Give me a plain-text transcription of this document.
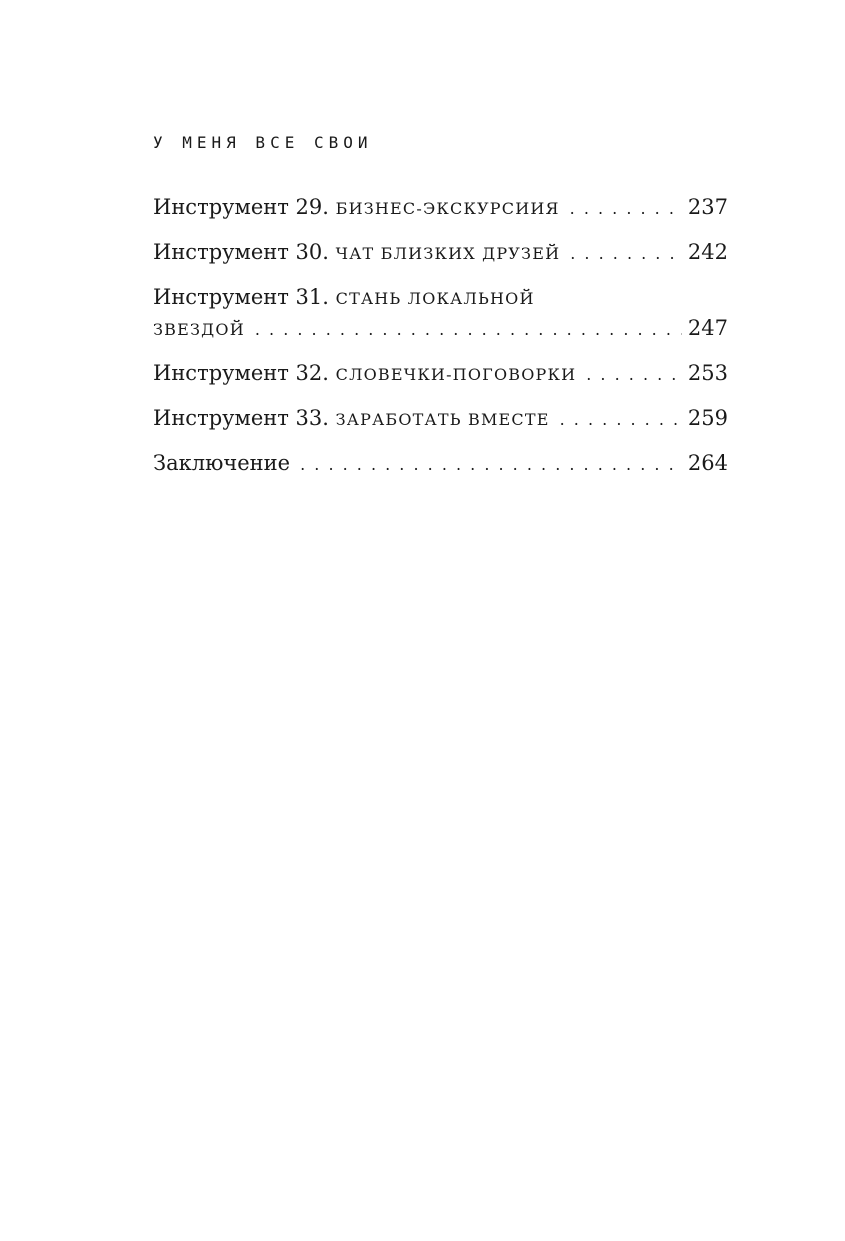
У МЕНЯ ВСЕ СВОИ
Инструмент 29. БИЗНЕС-ЭКСКУРСИИЯ . . .	237
Инструмент 30. ЧАТ БЛИЗКИХ ДРУЗЕЙ . . .	242
Инструмент 31. СТАНЬ ЛОКАЛЬНОЙ
ЗВЕЗДОЙ . . .	247
Инструмент 32. СЛОВЕЧКИ-ПОГОВОРКИ . . .	253
Инструмент 33. ЗАРАБОТАТЬ ВМЕСТЕ . . .	259
Заключение . . .	264
